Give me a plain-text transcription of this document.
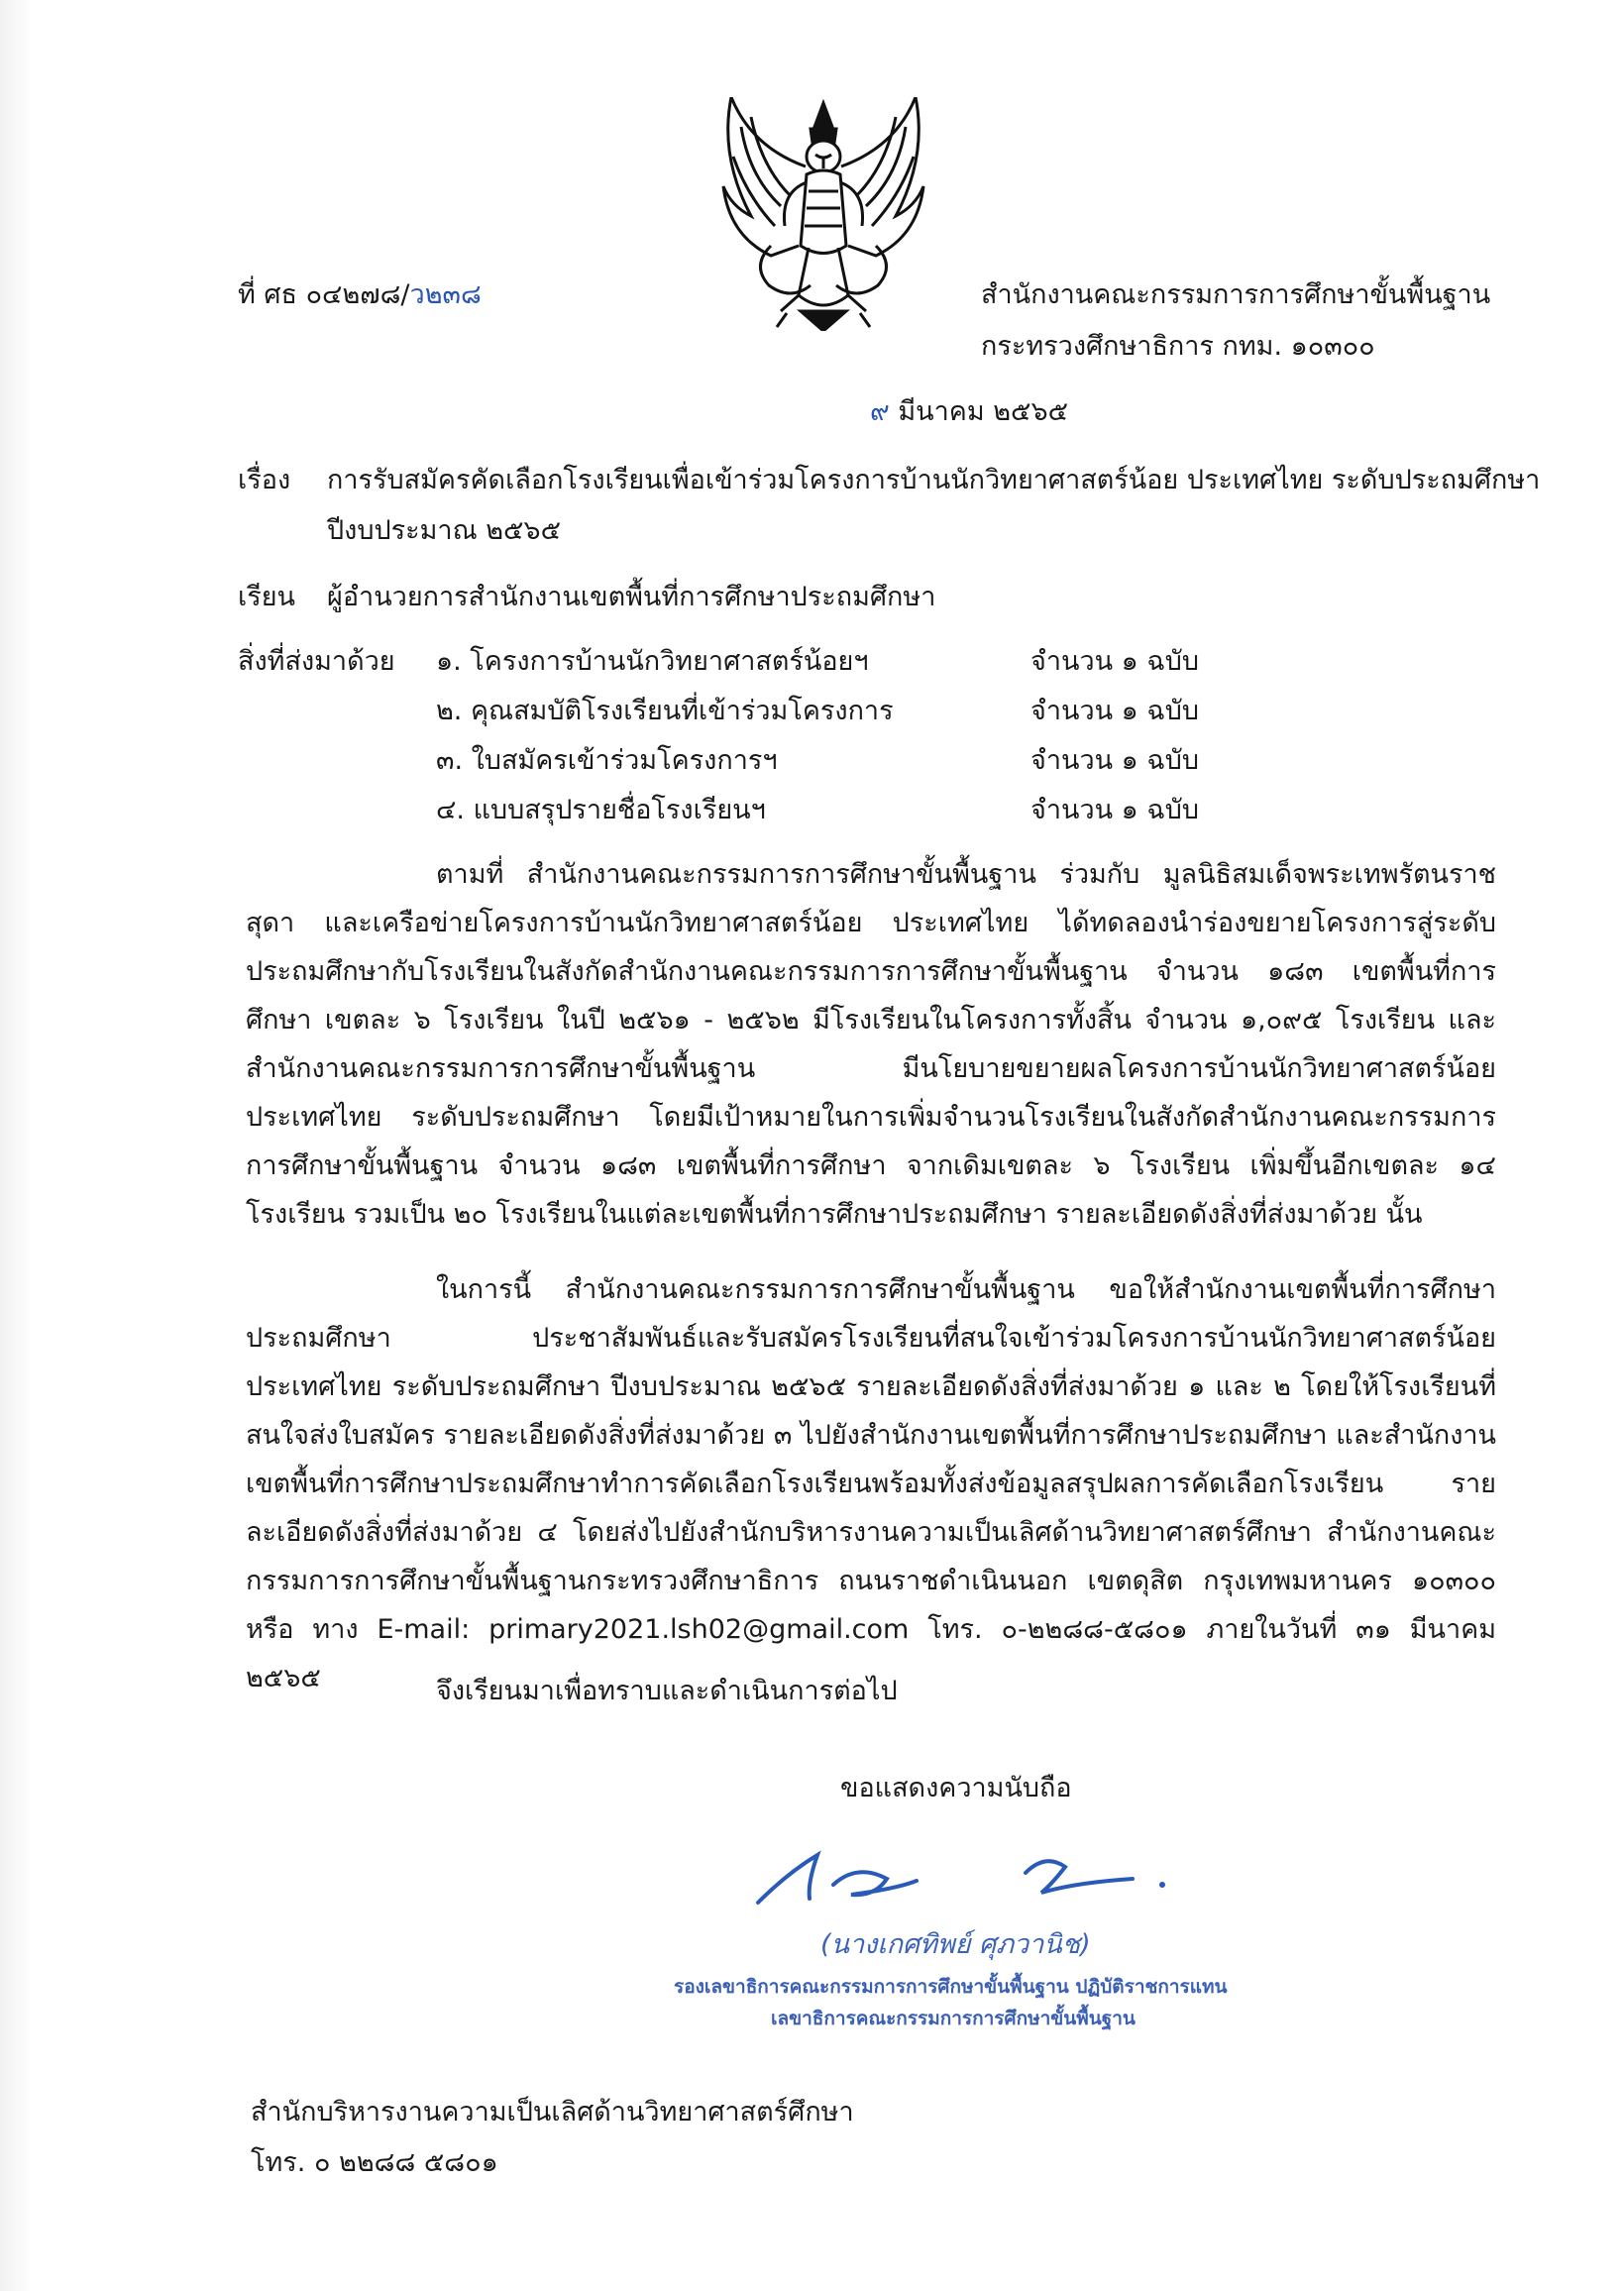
ที่ ศธ ๐๔๒๗๘/ว๒๓๘	สำนักงานคณะกรรมการการศึกษาขั้นพื้นฐาน
กระทรวงศึกษาธิการ กทม. ๑๐๓๐๐
๙ มีนาคม ๒๕๖๕
เรื่อง การรับสมัครคัดเลือกโรงเรียนเพื่อเข้าร่วมโครงการบ้านนักวิทยาศาสตร์น้อย ประเทศไทย ระดับประถมศึกษา
ปีงบประมาณ ๒๕๖๕
เรียน ผู้อำนวยการสำนักงานเขตพื้นที่การศึกษาประถมศึกษา
สิ่งที่ส่งมาด้วย ๑. โครงการบ้านนักวิทยาศาสตร์น้อยฯ	จำนวน ๑ ฉบับ
๒. คุณสมบัติโรงเรียนที่เข้าร่วมโครงการ	จำนวน ๑ ฉบับ
๓. ใบสมัครเข้าร่วมโครงการฯ	จำนวน ๑ ฉบับ
๔. แบบสรุปรายชื่อโรงเรียนฯ	จำนวน ๑ ฉบับ
ตามที่ สำนักงานคณะกรรมการการศึกษาขั้นพื้นฐาน ร่วมกับ มูลนิธิสมเด็จพระเทพรัตนราชสุดา และเครือข่ายโครงการบ้านนักวิทยาศาสตร์น้อย ประเทศไทย ได้ทดลองนำร่องขยายโครงการสู่ระดับประถมศึกษากับโรงเรียนในสังกัดสำนักงานคณะกรรมการการศึกษาขั้นพื้นฐาน จำนวน ๑๘๓ เขตพื้นที่การศึกษา เขตละ ๖ โรงเรียน ในปี ๒๕๖๑ - ๒๕๖๒ มีโรงเรียนในโครงการทั้งสิ้น จำนวน ๑,๐๙๕ โรงเรียน และสำนักงานคณะกรรมการการศึกษาขั้นพื้นฐาน มีนโยบายขยายผลโครงการบ้านนักวิทยาศาสตร์น้อย ประเทศไทย ระดับประถมศึกษา โดยมีเป้าหมายในการเพิ่มจำนวนโรงเรียนในสังกัดสำนักงานคณะกรรมการการศึกษาขั้นพื้นฐาน จำนวน ๑๘๓ เขตพื้นที่การศึกษา จากเดิมเขตละ ๖ โรงเรียน เพิ่มขึ้นอีกเขตละ ๑๔ โรงเรียน รวมเป็น ๒๐ โรงเรียนในแต่ละเขตพื้นที่การศึกษาประถมศึกษา รายละเอียดดังสิ่งที่ส่งมาด้วย นั้น
ในการนี้ สำนักงานคณะกรรมการการศึกษาขั้นพื้นฐาน ขอให้สำนักงานเขตพื้นที่การศึกษาประถมศึกษา ประชาสัมพันธ์และรับสมัครโรงเรียนที่สนใจเข้าร่วมโครงการบ้านนักวิทยาศาสตร์น้อย ประเทศไทย ระดับประถมศึกษา ปีงบประมาณ ๒๕๖๕ รายละเอียดดังสิ่งที่ส่งมาด้วย ๑ และ ๒ โดยให้โรงเรียนที่สนใจส่งใบสมัคร รายละเอียดดังสิ่งที่ส่งมาด้วย ๓ ไปยังสำนักงานเขตพื้นที่การศึกษาประถมศึกษา และสำนักงานเขตพื้นที่การศึกษาประถมศึกษาทำการคัดเลือกโรงเรียนพร้อมทั้งส่งข้อมูลสรุปผลการคัดเลือกโรงเรียน รายละเอียดดังสิ่งที่ส่งมาด้วย ๔ โดยส่งไปยังสำนักบริหารงานความเป็นเลิศด้านวิทยาศาสตร์ศึกษา สำนักงานคณะกรรมการการศึกษาขั้นพื้นฐานกระทรวงศึกษาธิการ ถนนราชดำเนินนอก เขตดุสิต กรุงเทพมหานคร ๑๐๓๐๐ หรือ ทาง E-mail: primary2021.lsh02@gmail.com โทร. ๐-๒๒๘๘-๕๘๐๑ ภายในวันที่ ๓๑ มีนาคม ๒๕๖๕	จึงเรียนมาเพื่อทราบและดำเนินการต่อไป
ขอแสดงความนับถือ
(นางเกศทิพย์ ศุภวานิช)
รองเลขาธิการคณะกรรมการการศึกษาขั้นพื้นฐาน ปฏิบัติราชการแทน
เลขาธิการคณะกรรมการการศึกษาขั้นพื้นฐาน
สำนักบริหารงานความเป็นเลิศด้านวิทยาศาสตร์ศึกษา
โทร. ๐ ๒๒๘๘ ๕๘๐๑
